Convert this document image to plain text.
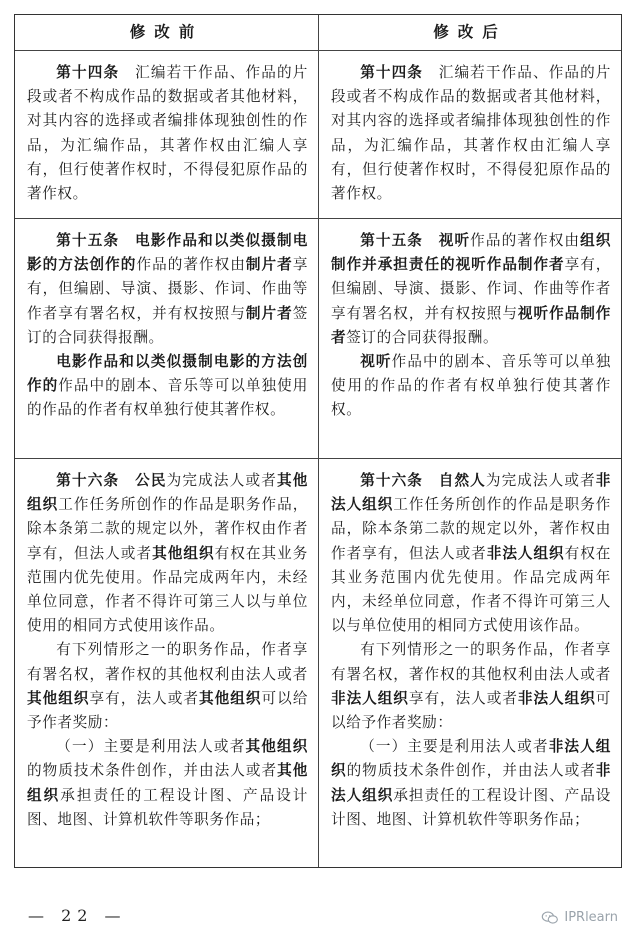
修改前	修改后

第十四条　汇编若干作品、作品的片段或者不构成作品的数据或者其他材料，对其内容的选择或者编排体现独创性的作品，为汇编作品，其著作权由汇编人享有，但行使著作权时，不得侵犯原作品的著作权。

第十四条　汇编若干作品、作品的片段或者不构成作品的数据或者其他材料，对其内容的选择或者编排体现独创性的作品，为汇编作品，其著作权由汇编人享有，但行使著作权时，不得侵犯原作品的著作权。

第十五条　 电影作品和以类似摄制电影的方法创作的作品的著作权由制片者享有，但编剧、导演、摄影、作词、作曲等作者享有署名权，并有权按照与制片者签订的合同获得报酬。

电影作品和以类似摄制电影的方法创作的作品中的剧本、音乐等可以单独使用的作品的作者有权单独行使其著作权。

第十五条　 视听作品的著作权由组织制作并承担责任的视听作品制作者享有，但编剧、导演、摄影、作词、作曲等作者享有署名权，并有权按照与视听作品制作者签订的合同获得报酬。

视听作品中的剧本、音乐等可以单独使用的作品的作者有权单独行使其著作权。

第十六条　 公民为完成法人或者其他组织工作任务所创作的作品是职务作品，除本条第二款的规定以外，著作权由作者享有，但法人或者其他组织有权在其业务范围内优先使用。作品完成两年内，未经单位同意，作者不得许可第三人以与单位使用的相同方式使用该作品。

有下列情形之一的职务作品，作者享有署名权，著作权的其他权利由法人或者其他组织享有，法人或者其他组织可以给予作者奖励：

（一）主要是利用法人或者其他组织的物质技术条件创作，并由法人或者其他组织承担责任的工程设计图、产品设计图、地图、计算机软件等职务作品；

第十六条　 自然人为完成法人或者非法人组织工作任务所创作的作品是职务作品，除本条第二款的规定以外，著作权由作者享有，但法人或者非法人组织有权在其业务范围内优先使用。作品完成两年内，未经单位同意，作者不得许可第三人以与单位使用的相同方式使用该作品。

有下列情形之一的职务作品，作者享有署名权，著作权的其他权利由法人或者非法人组织享有，法人或者非法人组织可以给予作者奖励：

（一）主要是利用法人或者非法人组织的物质技术条件创作，并由法人或者非法人组织承担责任的工程设计图、产品设计图、地图、计算机软件等职务作品；

— 22 —	IPRlearn
